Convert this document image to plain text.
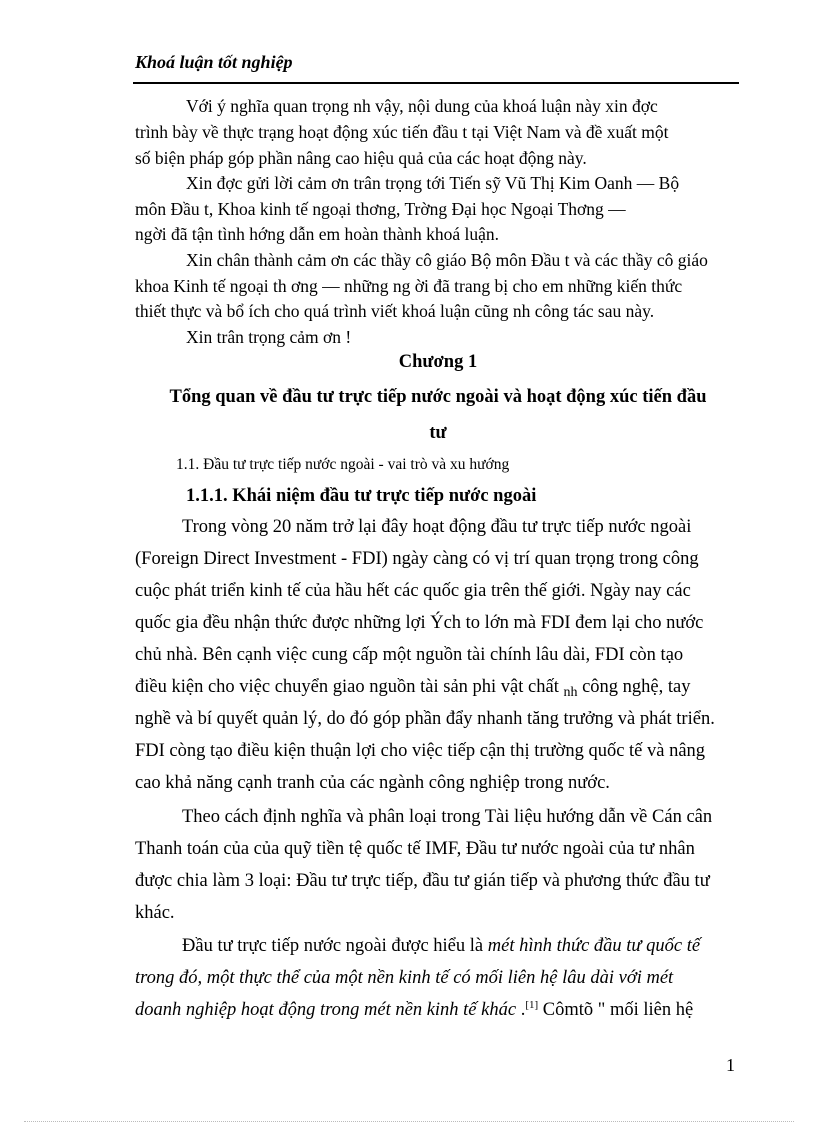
Khoá luận tốt nghiệp
Với ý nghĩa quan trọng nh vậy, nội dung của khoá luận này xin đợc
trình bày về thực trạng hoạt động xúc tiến đầu t tại Việt Nam và đề xuất một
số biện pháp góp phần nâng cao hiệu quả của các hoạt động này.
Xin đợc gửi lời cảm ơn trân trọng tới Tiến sỹ Vũ Thị Kim Oanh — Bộ
môn Đầu t, Khoa kinh tế ngoại thơng, Trờng Đại học Ngoại Thơng —
ngời đã tận tình hớng dẫn em hoàn thành khoá luận.
Xin chân thành cảm ơn các thầy cô giáo Bộ môn Đầu t và các thầy cô giáo
khoa Kinh tế ngoại th ơng — những ng ời đã trang bị cho em những kiến thức
thiết thực và bổ ích cho quá trình viết khoá luận cũng nh công tác sau này.
Xin trân trọng cảm ơn !
Chương 1
Tổng quan về đầu tư trực tiếp nước ngoài và hoạt động xúc tiến đầu
tư
1.1. Đầu tư trực tiếp nước ngoài - vai trò và xu hướng
1.1.1. Khái niệm đầu tư trực tiếp nước ngoài
Trong vòng 20 năm trở lại đây hoạt động đầu tư trực tiếp nước ngoài
(Foreign Direct Investment - FDI) ngày càng có vị trí quan trọng trong công
cuộc phát triển kinh tế của hầu hết các quốc gia trên thế giới. Ngày nay các
quốc gia đều nhận thức được những lợi Ých to lớn mà FDI đem lại cho nước
chủ nhà. Bên cạnh việc cung cấp một nguồn tài chính lâu dài, FDI còn tạo
điều kiện cho việc chuyển giao nguồn tài sản phi vật chất $_{nh}$ công nghệ, tay
nghề và bí quyết quản lý, do đó góp phần đẩy nhanh tăng trưởng và phát triển.
FDI còng tạo điều kiện thuận lợi cho việc tiếp cận thị trường quốc tế và nâng
cao khả năng cạnh tranh của các ngành công nghiệp trong nước.
Theo cách định nghĩa và phân loại trong Tài liệu hướng dẫn về Cán cân
Thanh toán của của quỹ tiền tệ quốc tế IMF, Đầu tư nước ngoài của tư nhân
được chia làm 3 loại: Đầu tư trực tiếp, đầu tư gián tiếp và phương thức đầu tư
khác.
Đầu tư trực tiếp nước ngoài được hiểu là mét hình thức đầu tư quốc tế
trong đó, một thực thể của một nền kinh tế có mối liên hệ lâu dài với mét
doanh nghiệp hoạt động trong mét nền kinh tế khác .[1] Cômtõ " mối liên hệ
1
